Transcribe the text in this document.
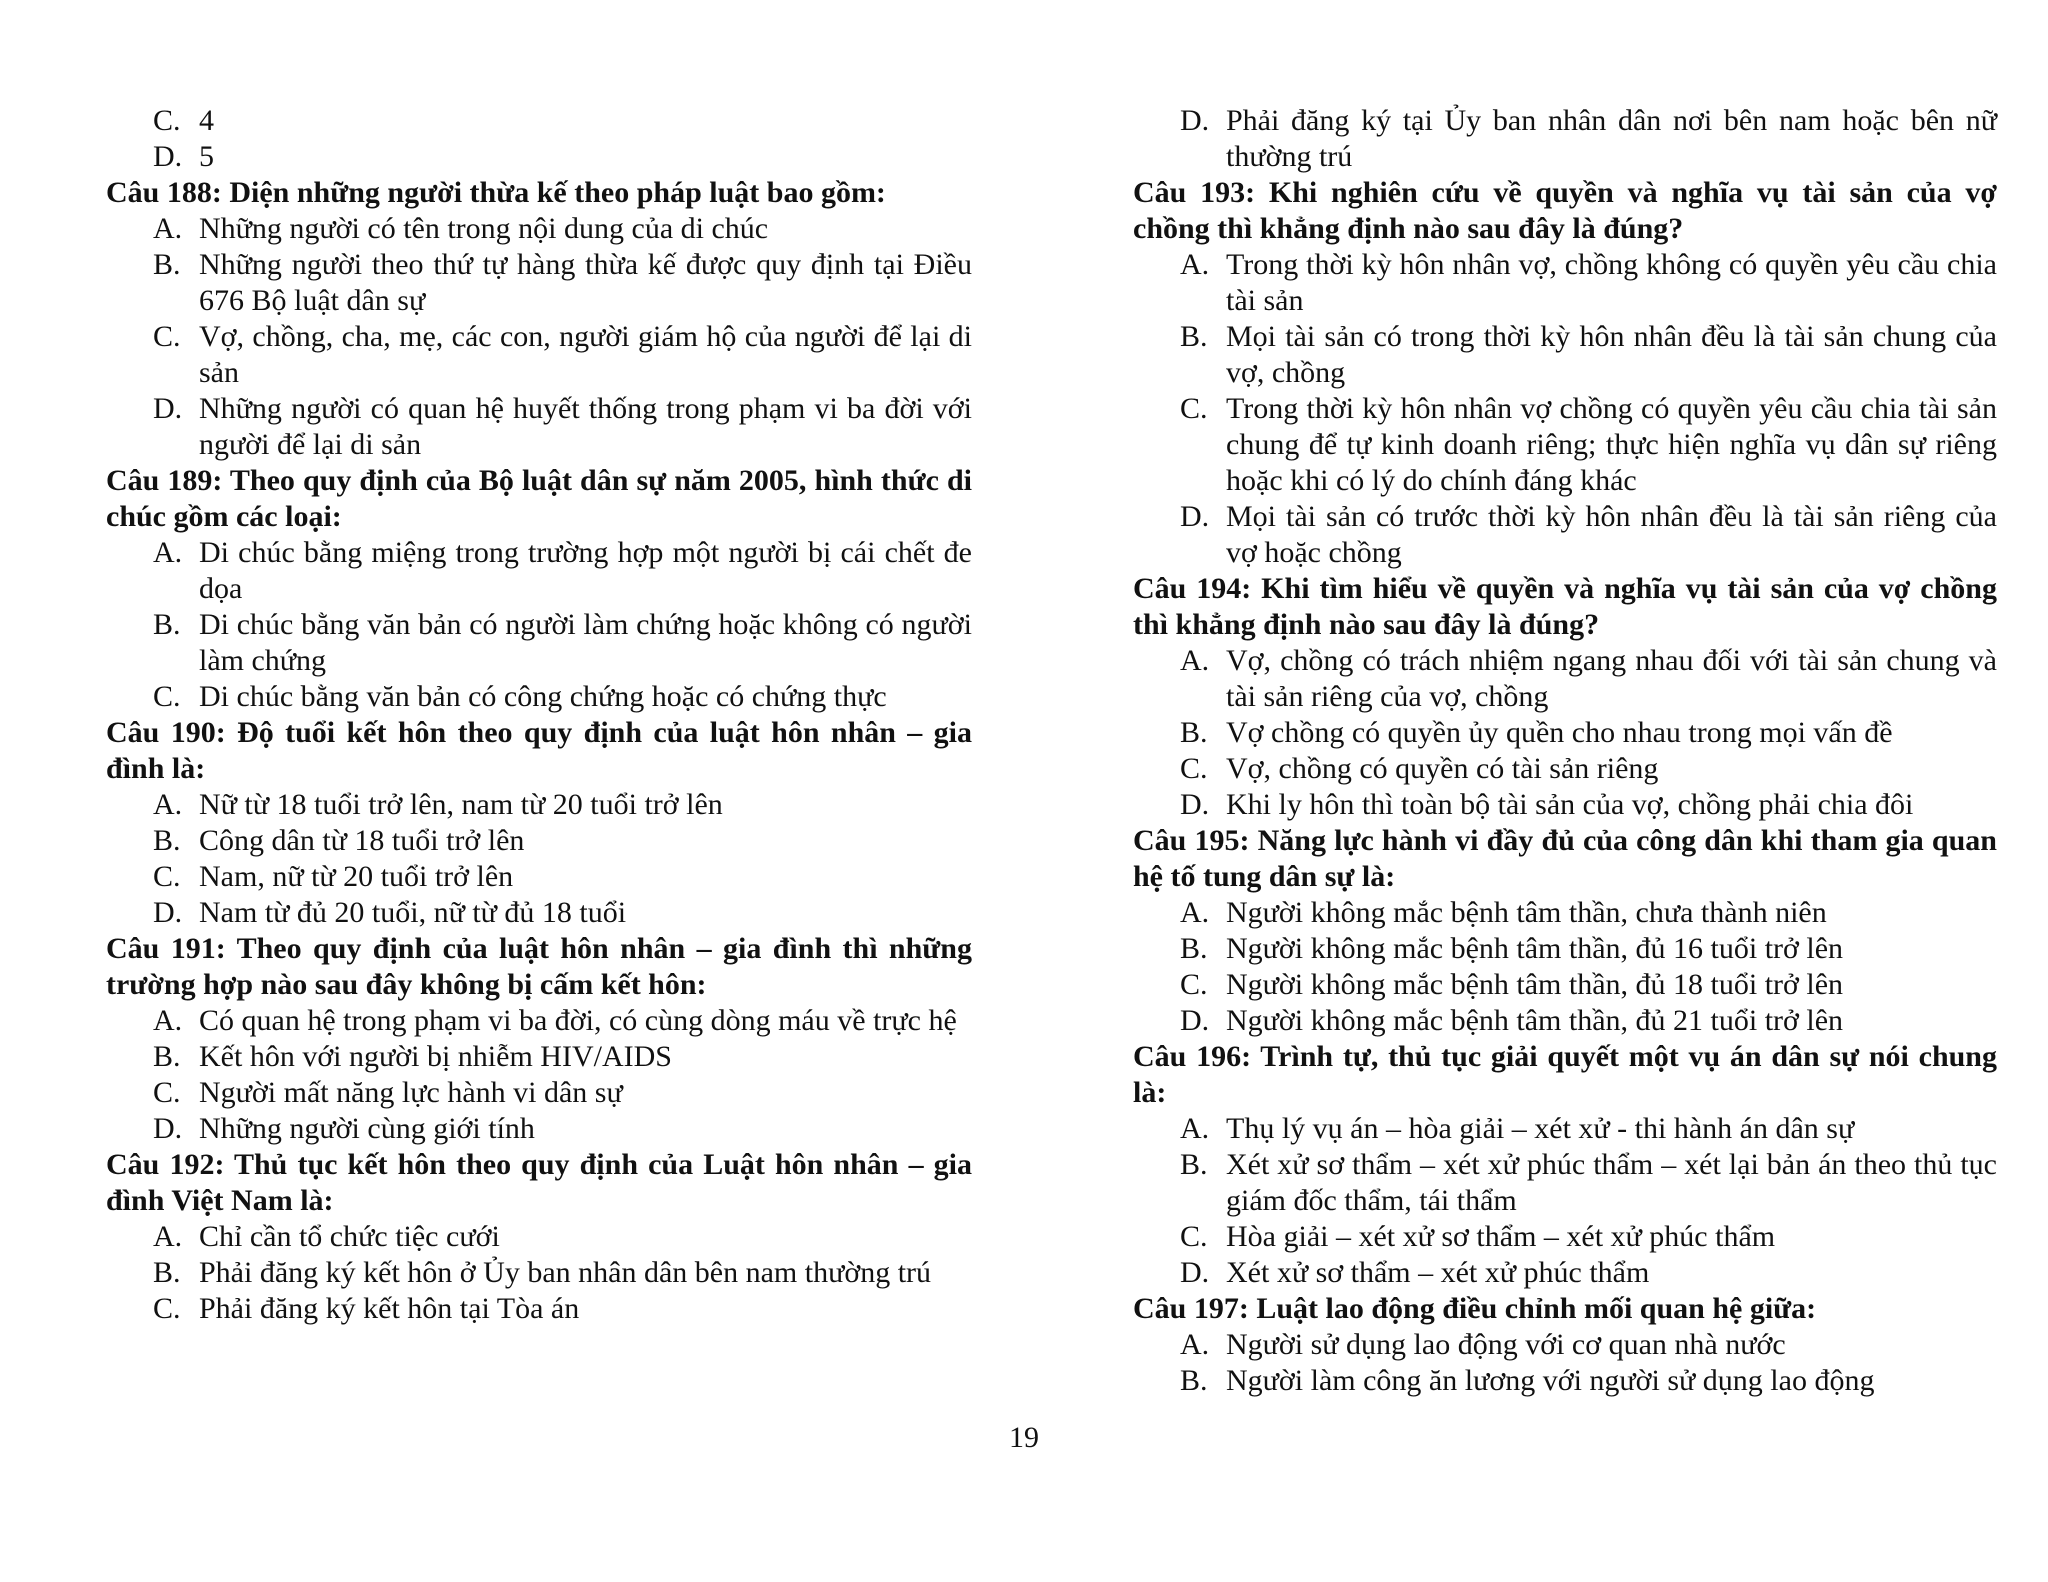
C. 4
D. 5
Câu 188: Diện những người thừa kế theo pháp luật bao gồm:
A. Những người có tên trong nội dung của di chúc
B. Những người theo thứ tự hàng thừa kế được quy định tại Điều 676 Bộ luật dân sự
C. Vợ, chồng, cha, mẹ, các con, người giám hộ của người để lại di sản
D. Những người có quan hệ huyết thống trong phạm vi ba đời với người để lại di sản
Câu 189: Theo quy định của Bộ luật dân sự năm 2005, hình thức di chúc gồm các loại:
A. Di chúc bằng miệng trong trường hợp một người bị cái chết đe dọa
B. Di chúc bằng văn bản có người làm chứng hoặc không có người làm chứng
C. Di chúc bằng văn bản có công chứng hoặc có chứng thực
Câu 190: Độ tuổi kết hôn theo quy định của luật hôn nhân – gia đình là:
A. Nữ từ 18 tuổi trở lên, nam từ 20 tuổi trở lên
B. Công dân từ 18 tuổi trở lên
C. Nam, nữ từ 20 tuổi trở lên
D. Nam từ đủ 20 tuổi, nữ từ đủ 18 tuổi
Câu 191: Theo quy định của luật hôn nhân – gia đình thì những trường hợp nào sau đây không bị cấm kết hôn:
A. Có quan hệ trong phạm vi ba đời, có cùng dòng máu về trực hệ
B. Kết hôn với người bị nhiễm HIV/AIDS
C. Người mất năng lực hành vi dân sự
D. Những người cùng giới tính
Câu 192: Thủ tục kết hôn theo quy định của Luật hôn nhân – gia đình Việt Nam là:
A. Chỉ cần tổ chức tiệc cưới
B. Phải đăng ký kết hôn ở Ủy ban nhân dân bên nam thường trú
C. Phải đăng ký kết hôn tại Tòa án
D. Phải đăng ký tại Ủy ban nhân dân nơi bên nam hoặc bên nữ thường trú
Câu 193: Khi nghiên cứu về quyền và nghĩa vụ tài sản của vợ chồng thì khẳng định nào sau đây là đúng?
A. Trong thời kỳ hôn nhân vợ, chồng không có quyền yêu cầu chia tài sản
B. Mọi tài sản có trong thời kỳ hôn nhân đều là tài sản chung của vợ, chồng
C. Trong thời kỳ hôn nhân vợ chồng có quyền yêu cầu chia tài sản chung để tự kinh doanh riêng; thực hiện nghĩa vụ dân sự riêng hoặc khi có lý do chính đáng khác
D. Mọi tài sản có trước thời kỳ hôn nhân đều là tài sản riêng của vợ hoặc chồng
Câu 194: Khi tìm hiểu về quyền và nghĩa vụ tài sản của vợ chồng thì khẳng định nào sau đây là đúng?
A. Vợ, chồng có trách nhiệm ngang nhau đối với tài sản chung và tài sản riêng của vợ, chồng
B. Vợ chồng có quyền ủy quền cho nhau trong mọi vấn đề
C. Vợ, chồng có quyền có tài sản riêng
D. Khi ly hôn thì toàn bộ tài sản của vợ, chồng phải chia đôi
Câu 195: Năng lực hành vi đầy đủ của công dân khi tham gia quan hệ tố tung dân sự là:
A. Người không mắc bệnh tâm thần, chưa thành niên
B. Người không mắc bệnh tâm thần, đủ 16 tuổi trở lên
C. Người không mắc bệnh tâm thần, đủ 18 tuổi trở lên
D. Người không mắc bệnh tâm thần, đủ 21 tuổi trở lên
Câu 196: Trình tự, thủ tục giải quyết một vụ án dân sự nói chung là:
A. Thụ lý vụ án – hòa giải – xét xử - thi hành án dân sự
B. Xét xử sơ thẩm – xét xử phúc thẩm – xét lại bản án theo thủ tục giám đốc thẩm, tái thẩm
C. Hòa giải – xét xử sơ thẩm – xét xử phúc thẩm
D. Xét xử sơ thẩm – xét xử phúc thẩm
Câu 197: Luật lao động điều chỉnh mối quan hệ giữa:
A. Người sử dụng lao động với cơ quan nhà nước
B. Người làm công ăn lương với người sử dụng lao động
19
